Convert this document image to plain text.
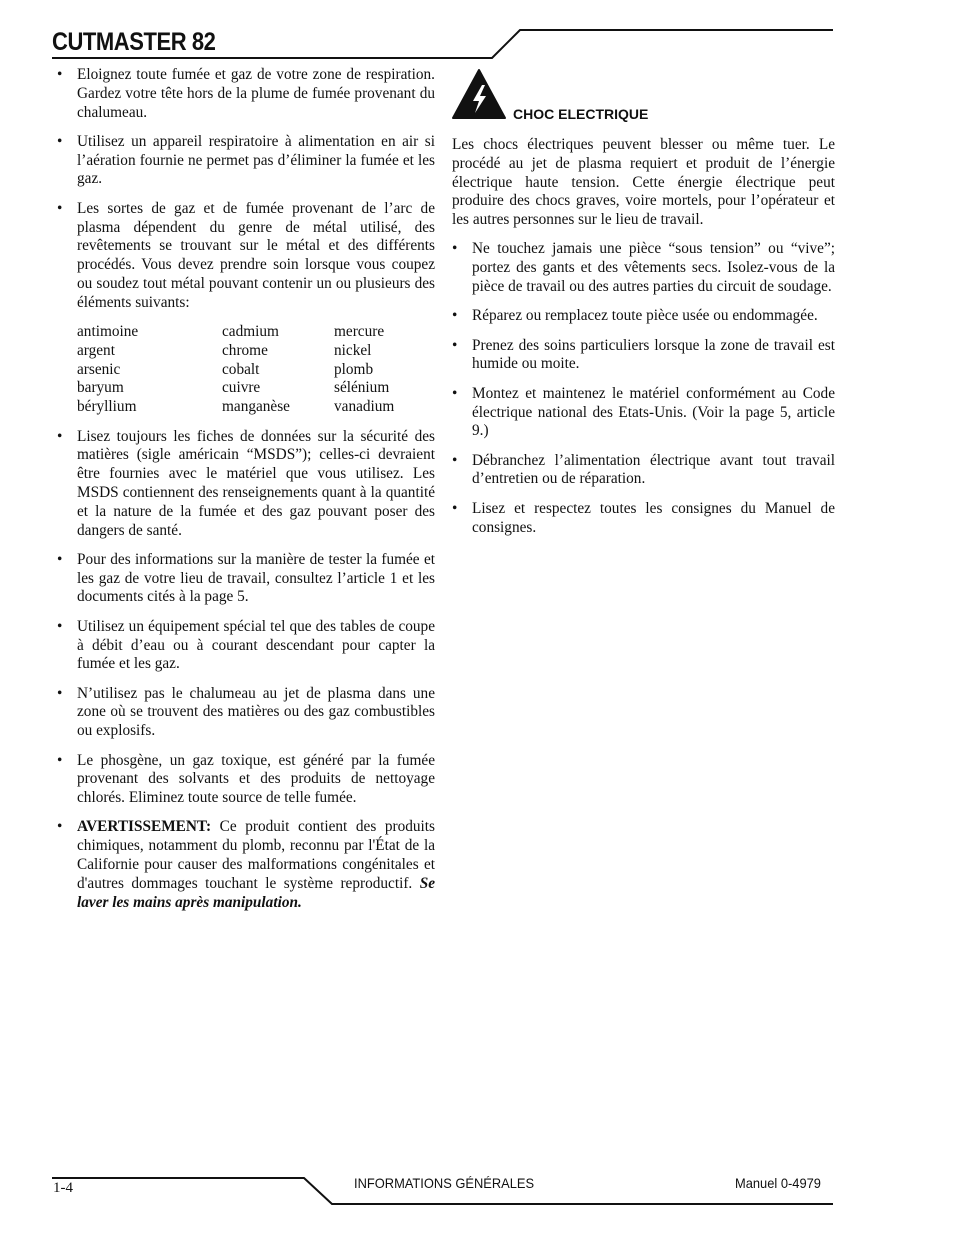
CUTMASTER 82
• Eloignez toute fumée et gaz de votre zone de respiration. Gardez votre tête hors de la plume de fumée provenant du chalumeau.
• Utilisez un appareil respiratoire à alimentation en air si l’aération fournie ne permet pas d’éliminer la fumée et les gaz.
• Les sortes de gaz et de fumée provenant de l’arc de plasma dépendent du genre de métal utilisé, des revêtements se trouvant sur le métal et des différents procédés. Vous devez prendre soin lorsque vous coupez ou soudez tout métal pouvant contenir un ou plusieurs des éléments suivants:
antimoine	cadmium	mercure
argent	chrome	nickel
arsenic	cobalt	plomb
baryum	cuivre	sélénium
béryllium	manganèse	vanadium
• Lisez toujours les fiches de données sur la sécurité des matières (sigle américain “MSDS”); celles-ci devraient être fournies avec le matériel que vous utilisez. Les MSDS contiennent des renseignements quant à la quantité et la nature de la fumée et des gaz pouvant poser des dangers de santé.
• Pour des informations sur la manière de tester la fumée et les gaz de votre lieu de travail, consultez l’article 1 et les documents cités à la page 5.
• Utilisez un équipement spécial tel que des tables de coupe à débit d’eau ou à courant descendant pour capter la fumée et les gaz.
• N’utilisez pas le chalumeau au jet de plasma dans une zone où se trouvent des matières ou des gaz combustibles ou explosifs.
• Le phosgène, un gaz toxique, est généré par la fumée provenant des solvants et des produits de nettoyage chlorés. Eliminez toute source de telle fumée.
• AVERTISSEMENT: Ce produit contient des produits chimiques, notamment du plomb, reconnu par l'État de la Californie pour causer des malformations congénitales et d'autres dommages touchant le système reproductif. Se laver les mains après manipulation.
CHOC ELECTRIQUE

Les chocs électriques peuvent blesser ou même tuer. Le procédé au jet de plasma requiert et produit de l’énergie électrique haute tension. Cette énergie électrique peut produire des chocs graves, voire mortels, pour l’opérateur et les autres personnes sur le lieu de travail.

• Ne touchez jamais une pièce “sous tension” ou “vive”; portez des gants et des vêtements secs. Isolez-vous de la pièce de travail ou des autres parties du circuit de soudage.
• Réparez ou remplacez toute pièce usée ou endommagée.
• Prenez des soins particuliers lorsque la zone de travail est humide ou moite.
• Montez et maintenez le matériel conformément au Code électrique national des Etats-Unis. (Voir la page 5, article 9.)
• Débranchez l’alimentation électrique avant tout travail d’entretien ou de réparation.
• Lisez et respectez toutes les consignes du Manuel de consignes.
1-4	INFORMATIONS GÉNÉRALES	Manuel 0-4979
